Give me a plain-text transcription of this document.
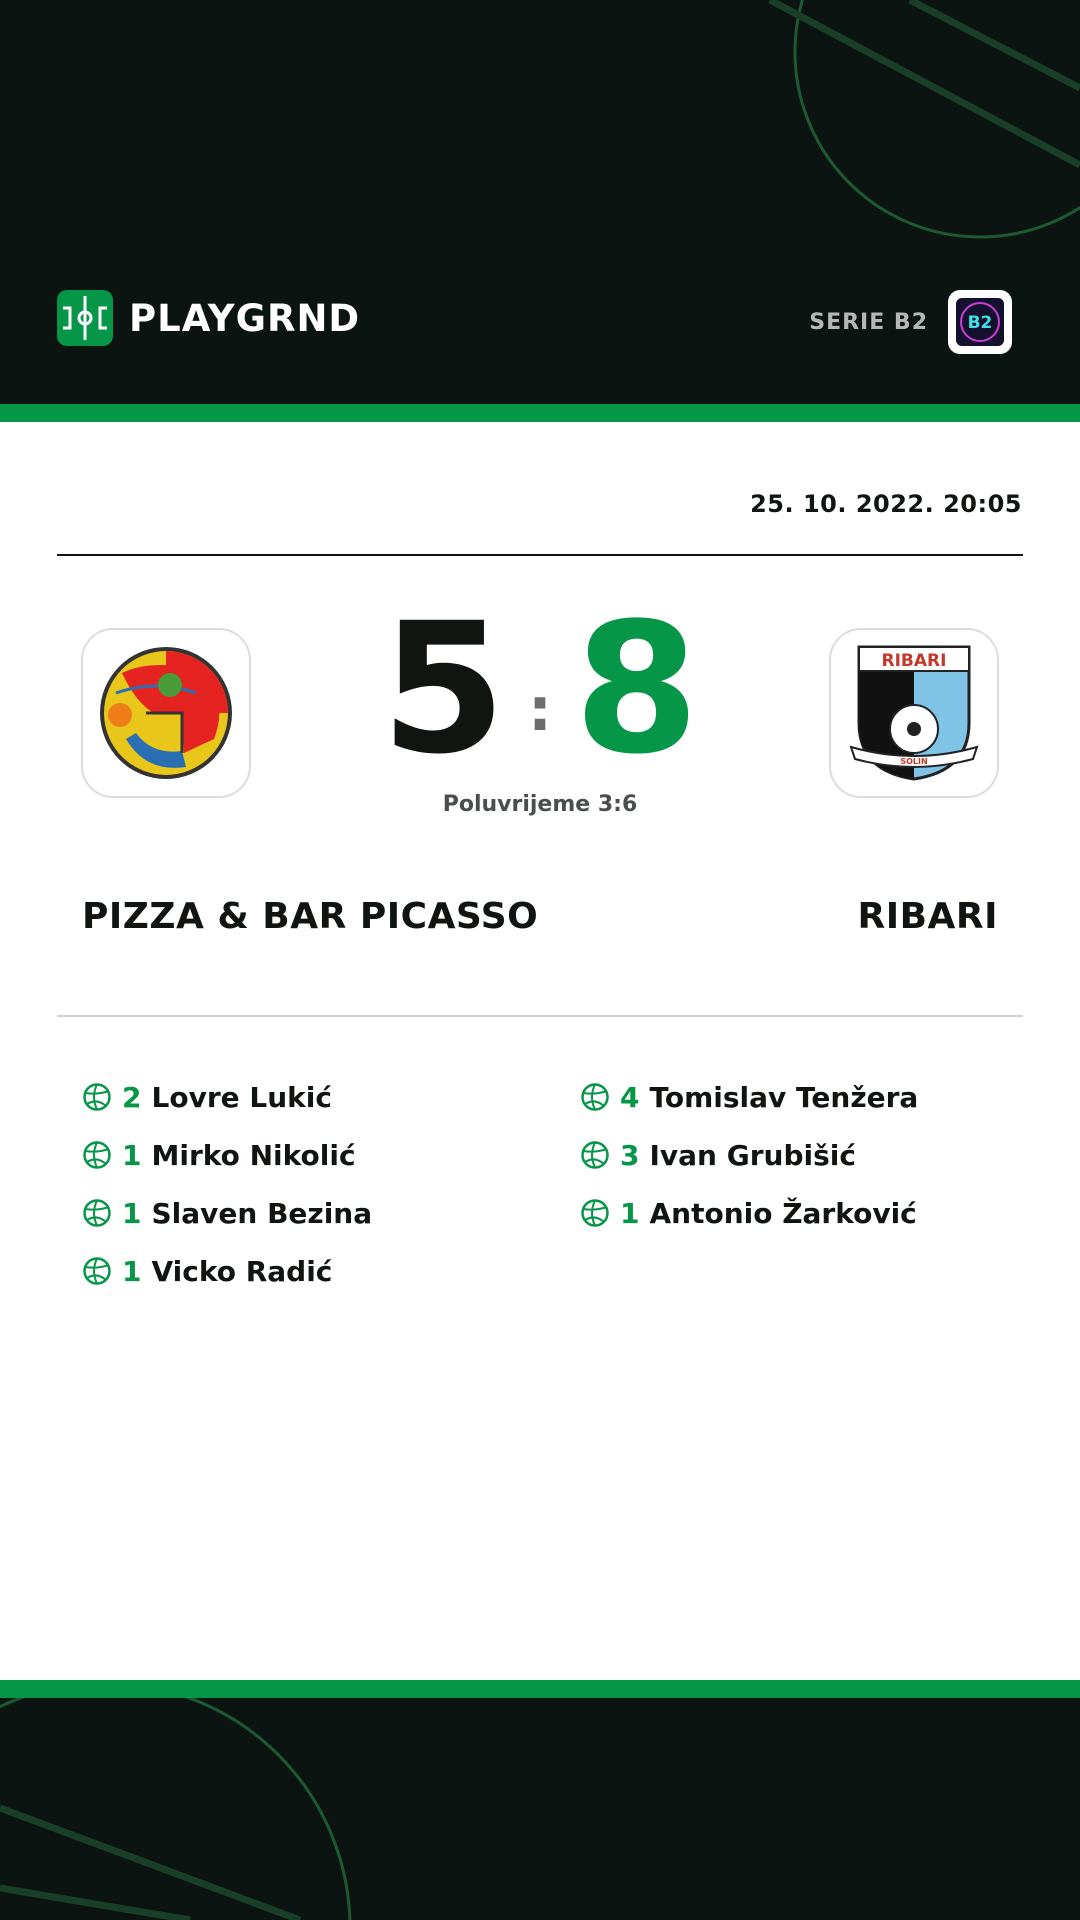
PLAYGRND	SERIE B2 B2
25. 10. 2022. 20:05
RIBARI
SOLIN
5 : 8
Poluvrijeme 3:6
PIZZA & BAR PICASSO	RIBARI
2 Lovre Lukić
1 Mirko Nikolić
1 Slaven Bezina
1 Vicko Radić
4 Tomislav Tenžera
3 Ivan Grubišić
1 Antonio Žarković
